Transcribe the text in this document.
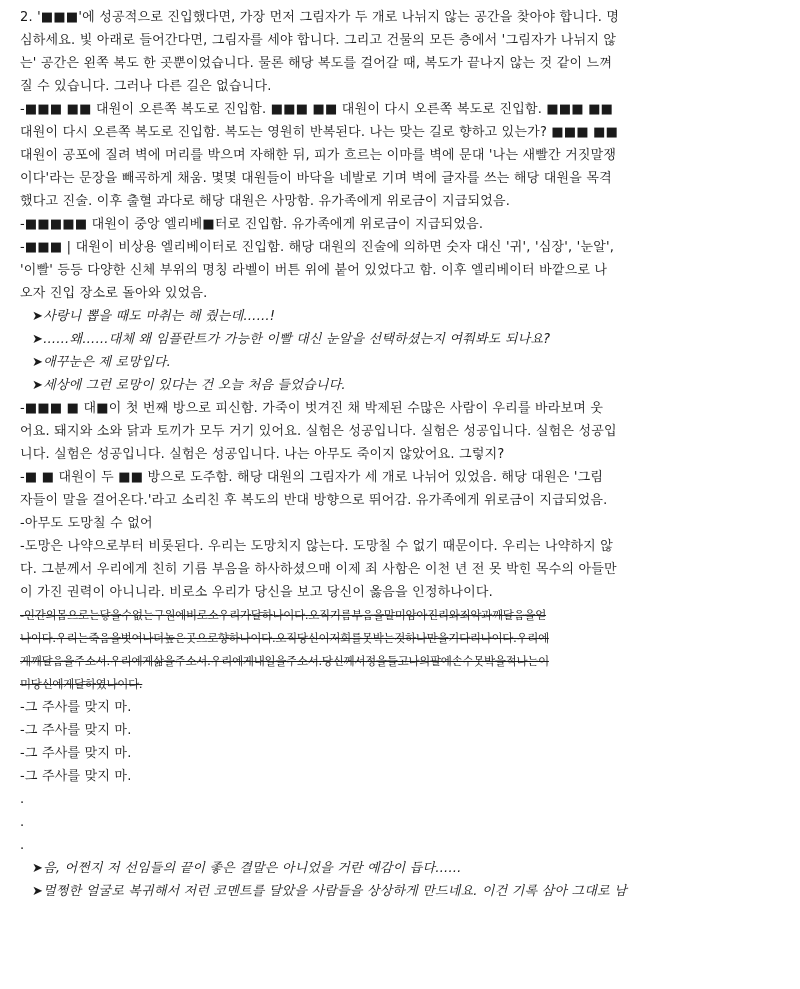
2. '■■■'에 성공적으로 진입했다면, 가장 먼저 그림자가 두 개로 나뉘지 않는 공간을 찾아야 합니다. 명
심하세요. 빛 아래로 들어간다면, 그림자를 세야 합니다. 그리고 건물의 모든 층에서 '그림자가 나뉘지 않
는' 공간은 왼쪽 복도 한 곳뿐이었습니다. 물론 해당 복도를 걸어갈 때, 복도가 끝나지 않는 것 같이 느껴
질 수 있습니다. 그러나 다른 길은 없습니다.
-■■■ ■■ 대원이 오른쪽 복도로 진입함. ■■■ ■■ 대원이 다시 오른쪽 복도로 진입함. ■■■ ■■
대원이 다시 오른쪽 복도로 진입함. 복도는 영원히 반복된다. 나는 맞는 길로 향하고 있는가? ■■■ ■■
대원이 공포에 질려 벽에 머리를 박으며 자해한 뒤, 피가 흐르는 이마를 벽에 문대 '나는 새빨간 거짓말쟁
이다'라는 문장을 빼곡하게 채움. 몇몇 대원들이 바닥을 네발로 기며 벽에 글자를 쓰는 해당 대원을 목격
했다고 진술. 이후 출혈 과다로 해당 대원은 사망함. 유가족에게 위로금이 지급되었음.
-■■■■■ 대원이 중앙 엘리베■터로 진입함. 유가족에게 위로금이 지급되었음.
-■■■ | 대원이 비상용 엘리베이터로 진입함. 해당 대원의 진술에 의하면 숫자 대신 '귀', '심장', '눈알',
'이빨' 등등 다양한 신체 부위의 명칭 라벨이 버튼 위에 붙어 있었다고 함. 이후 엘리베이터 바깥으로 나
오자 진입 장소로 돌아와 있었음.
➤사랑니 뽑을 때도 마취는 해 줬는데……!
➤……왜……대체 왜 임플란트가 가능한 이빨 대신 눈알을 선택하셨는지 여쭤봐도 되나요?
➤애꾸눈은 제 로망입다.
➤세상에 그런 로망이 있다는 건 오늘 처음 들었습니다.
-■■■ ■ 대■이 첫 번째 방으로 피신함. 가죽이 벗겨진 채 박제된 수많은 사람이 우리를 바라보며 웃
어요. 돼지와 소와 닭과 토끼가 모두 거기 있어요. 실험은 성공입니다. 실험은 성공입니다. 실험은 성공입
니다. 실험은 성공입니다. 실험은 성공입니다. 나는 아무도 죽이지 않았어요. 그렇지?
-■ ■ 대원이 두 ■■ 방으로 도주함. 해당 대원의 그림자가 세 개로 나뉘어 있었음. 해당 대원은 '그림
자들이 말을 걸어온다.'라고 소리친 후 복도의 반대 방향으로 뛰어감. 유가족에게 위로금이 지급되었음.
-아무도 도망칠 수 없어
-도망은 나약으로부터 비롯된다. 우리는 도망치지 않는다. 도망칠 수 없기 때문이다. 우리는 나약하지 않
다. 그분께서 우리에게 친히 기름 부음을 하사하셨으매 이제 죄 사함은 이천 년 전 못 박힌 목수의 아들만
이 가진 권력이 아니니라. 비로소 우리가 당신을 보고 당신이 옳음을 인정하나이다.
-인간의몸으로는닿을수없는구원에비로소우리가달하나이다.오직기름부음을말미암아진리와죄악과깨달음을얻
나이다.우리는죽음을벗어나더높은곳으로향하나이다.오직당신이저희를못박는것하나만을기다리나이다.우리에
게깨달음을주소서.우리에게삶을주소서.우리에게내일을주소서.당신께서정을들고나의팔에손수못박을적나는이
미당신에게달하였나이다.
-그 주사를 맞지 마.
-그 주사를 맞지 마.
-그 주사를 맞지 마.
-그 주사를 맞지 마.
.
.
.
➤음, 어쩐지 저 선임들의 끝이 좋은 결말은 아니었을 거란 예감이 듭다……
➤멀쩡한 얼굴로 복귀해서 저런 코멘트를 달았을 사람들을 상상하게 만드네요. 이건 기록 삼아 그대로 남
